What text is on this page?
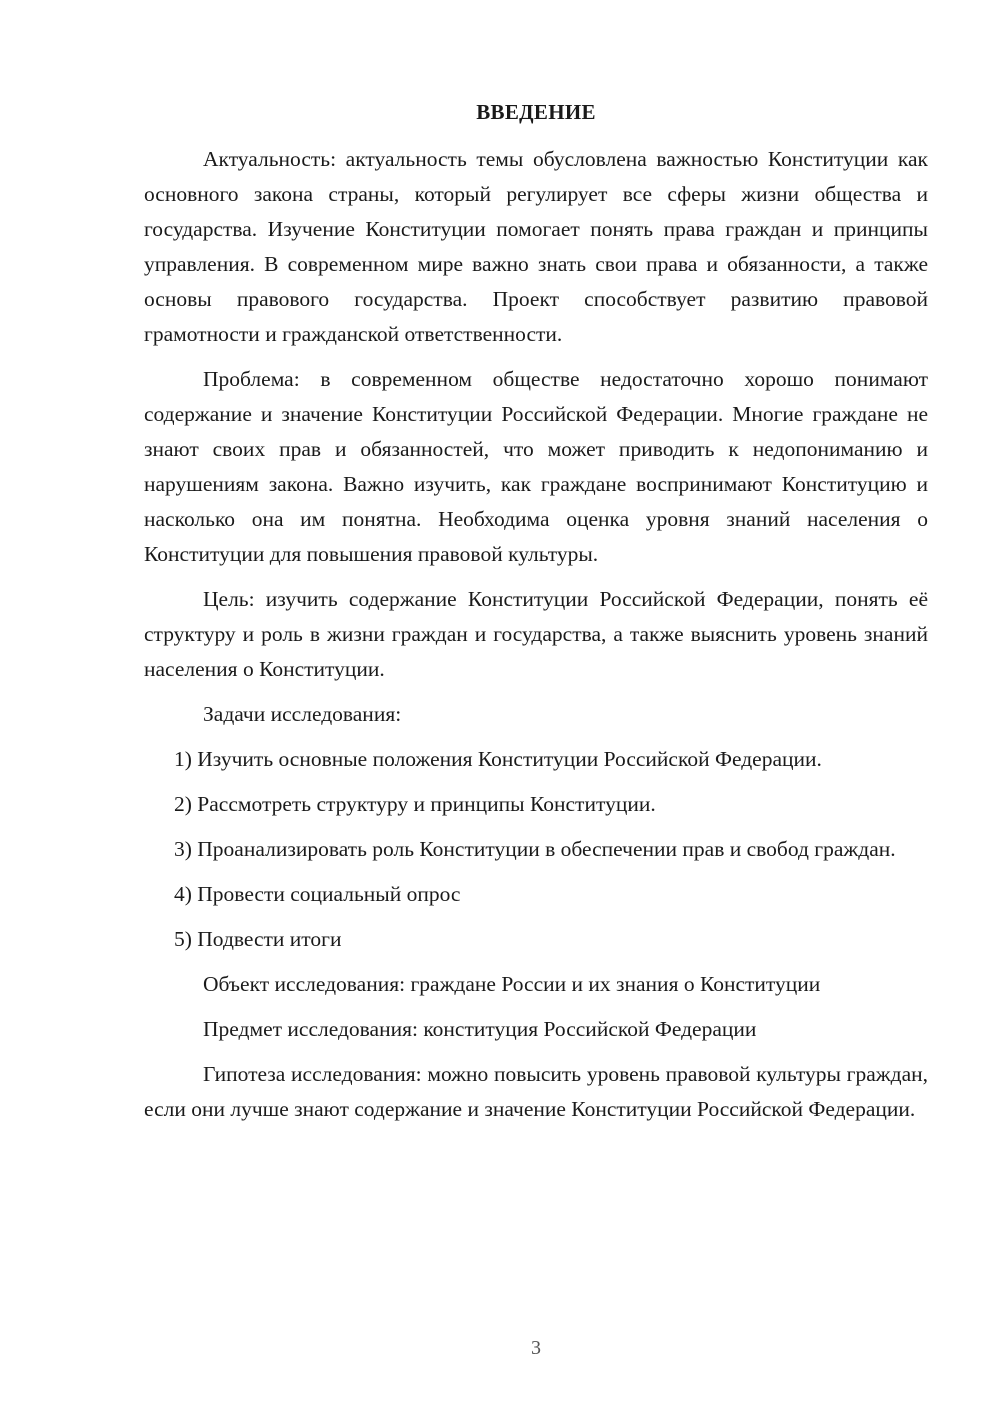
ВВЕДЕНИЕ

Актуальность: актуальность темы обусловлена важностью Конституции как основного закона страны, который регулирует все сферы жизни общества и государства. Изучение Конституции помогает понять права граждан и принципы управления. В современном мире важно знать свои права и обязанности, а также основы правового государства. Проект способствует развитию правовой грамотности и гражданской ответственности.

Проблема: в современном обществе недостаточно хорошо понимают содержание и значение Конституции Российской Федерации. Многие граждане не знают своих прав и обязанностей, что может приводить к недопониманию и нарушениям закона. Важно изучить, как граждане воспринимают Конституцию и насколько она им понятна. Необходима оценка уровня знаний населения о Конституции для повышения правовой культуры.

Цель: изучить содержание Конституции Российской Федерации, понять её структуру и роль в жизни граждан и государства, а также выяснить уровень знаний населения о Конституции.

Задачи исследования:

1) Изучить основные положения Конституции Российской Федерации.

2) Рассмотреть структуру и принципы Конституции.

3) Проанализировать роль Конституции в обеспечении прав и свобод граждан.

4) Провести социальный опрос

5) Подвести итоги

Объект исследования: граждане России и их знания о Конституции

Предмет исследования: конституция Российской Федерации

Гипотеза исследования: можно повысить уровень правовой культуры граждан, если они лучше знают содержание и значение Конституции Российской Федерации.

3
